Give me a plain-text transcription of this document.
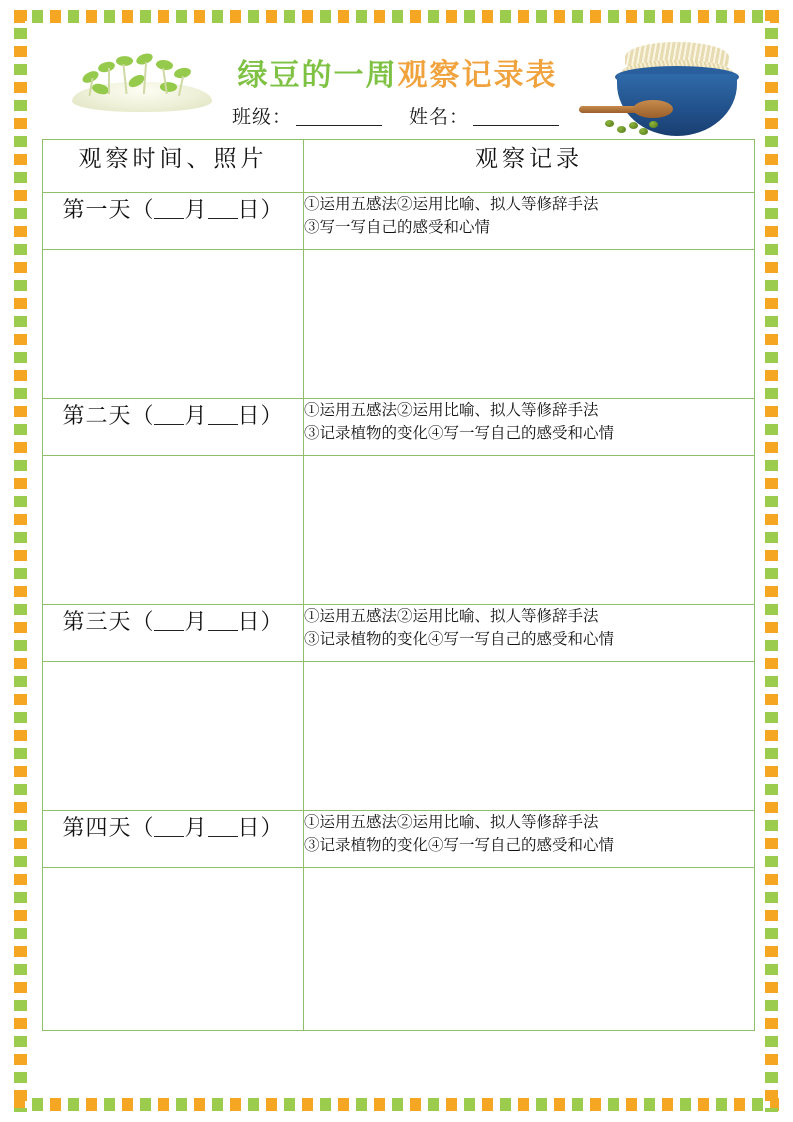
绿豆的一周观察记录表
班级：	姓名：
观察时间、照片	观察记录
第一天（ 月 日）	①运用五感法②运用比喻、拟人等修辞手法
③写一写自己的感受和心情

第二天（ 月 日）	①运用五感法②运用比喻、拟人等修辞手法
③记录植物的变化④写一写自己的感受和心情

第三天（ 月 日）	①运用五感法②运用比喻、拟人等修辞手法
③记录植物的变化④写一写自己的感受和心情

第四天（ 月 日）	①运用五感法②运用比喻、拟人等修辞手法
③记录植物的变化④写一写自己的感受和心情
